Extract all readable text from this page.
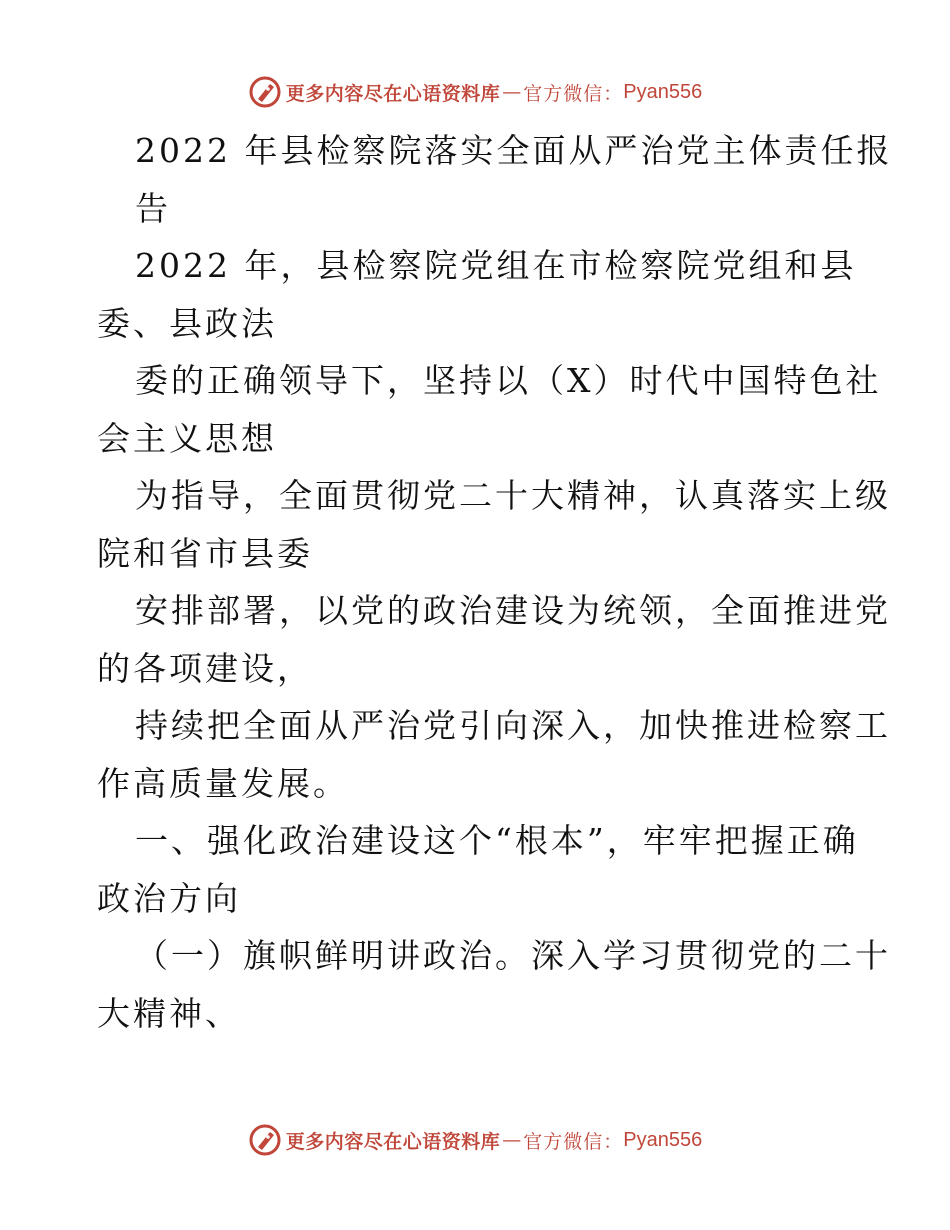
更多内容尽在心语资料库 — 官方微信： Pyan556
2022 年县检察院落实全面从严治党主体责任报
告
2022 年，县检察院党组在市检察院党组和县
委、县政法
委的正确领导下，坚持以（X）时代中国特色社
会主义思想
为指导，全面贯彻党二十大精神，认真落实上级
院和省市县委
安排部署，以党的政治建设为统领，全面推进党
的各项建设，
持续把全面从严治党引向深入，加快推进检察工
作高质量发展。
一、强化政治建设这个“根本”，牢牢把握正确
政治方向
（一）旗帜鲜明讲政治。深入学习贯彻党的二十
大精神、
更多内容尽在心语资料库 — 官方微信： Pyan556
